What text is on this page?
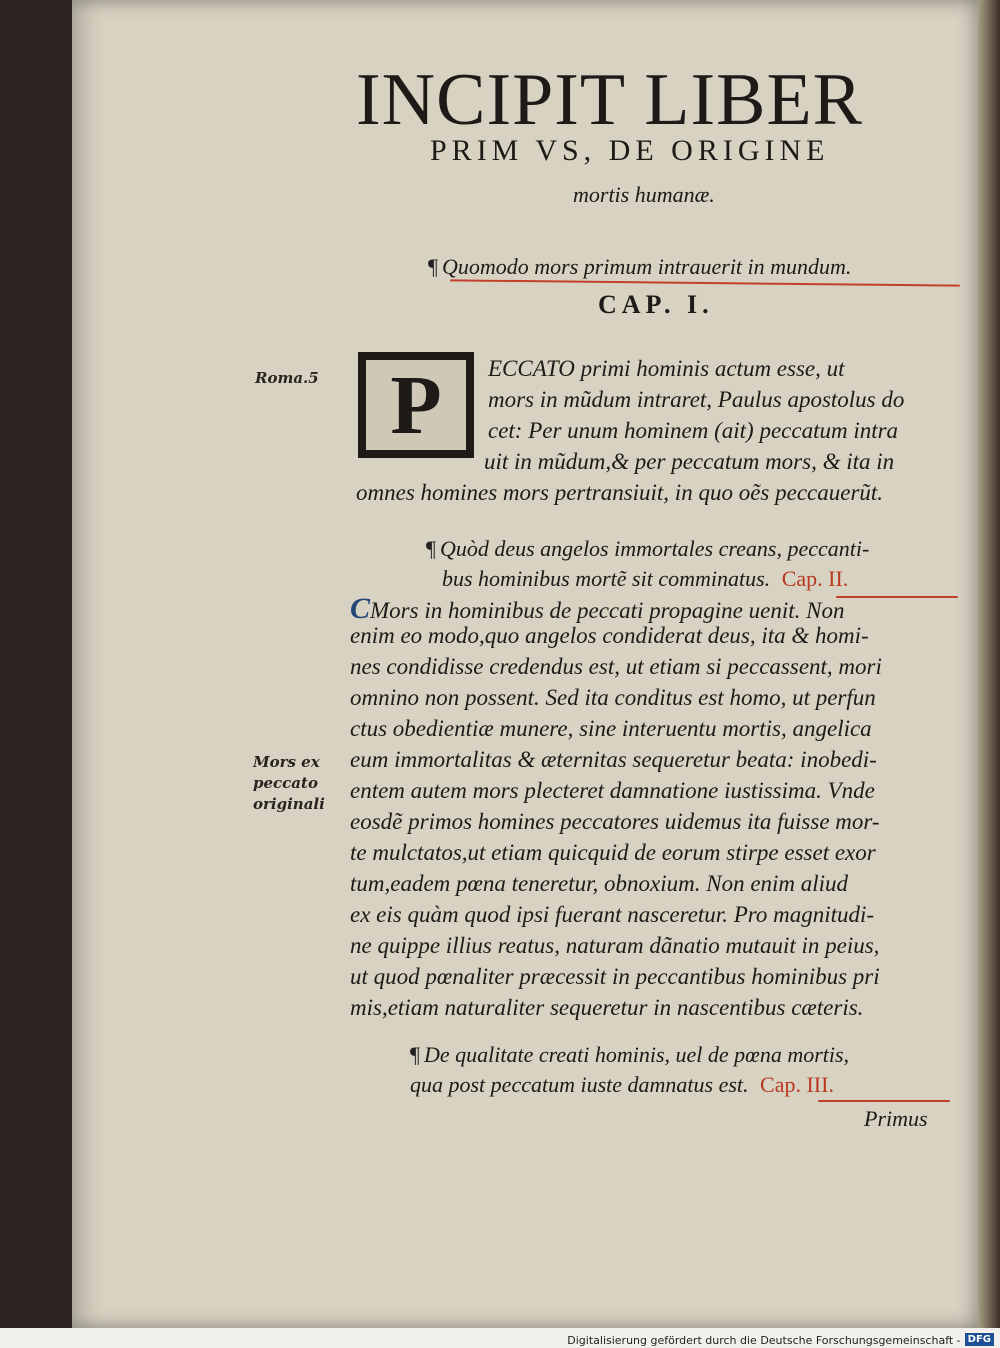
INCIPIT LIBER
PRIM VS, DE ORIGINE
mortis humanæ.
¶ Quomodo mors primum intrauerit in mundum.
CAP. I.
Roma.5 P	ECCATO primi hominis actum esse, ut
mors in mũdum intraret, Paulus apostolus do
cet: Per unum hominem (ait) peccatum intra
uit in mũdum,& per peccatum mors, & ita in
omnes homines mors pertransiuit, in quo oẽs peccauerũt.
¶ Quòd deus angelos immortales creans, peccanti-
bus hominibus mortẽ sit comminatus. Cap. II.
Mors ex
peccato
originali
CMors in hominibus de peccati propagine uenit. Non
enim eo modo,quo angelos condiderat deus, ita & homi-
nes condidisse credendus est, ut etiam si peccassent, mori
omnino non possent. Sed ita conditus est homo, ut perfun
ctus obedientiæ munere, sine interuentu mortis, angelica
eum immortalitas & æternitas sequeretur beata: inobedi-
entem autem mors plecteret damnatione iustissima. Vnde
eosdẽ primos homines peccatores uidemus ita fuisse mor-
te mulctatos,ut etiam quicquid de eorum stirpe esset exor
tum,eadem pœna teneretur, obnoxium. Non enim aliud
ex eis quàm quod ipsi fuerant nasceretur. Pro magnitudi-
ne quippe illius reatus, naturam dãnatio mutauit in peius,
ut quod pœnaliter præcessit in peccantibus hominibus pri
mis,etiam naturaliter sequeretur in nascentibus cæteris.
¶ De qualitate creati hominis, uel de pœna mortis,
qua post peccatum iuste damnatus est. Cap. III.
Primus
Digitalisierung gefördert durch die Deutsche Forschungsgemeinschaft - DFG
